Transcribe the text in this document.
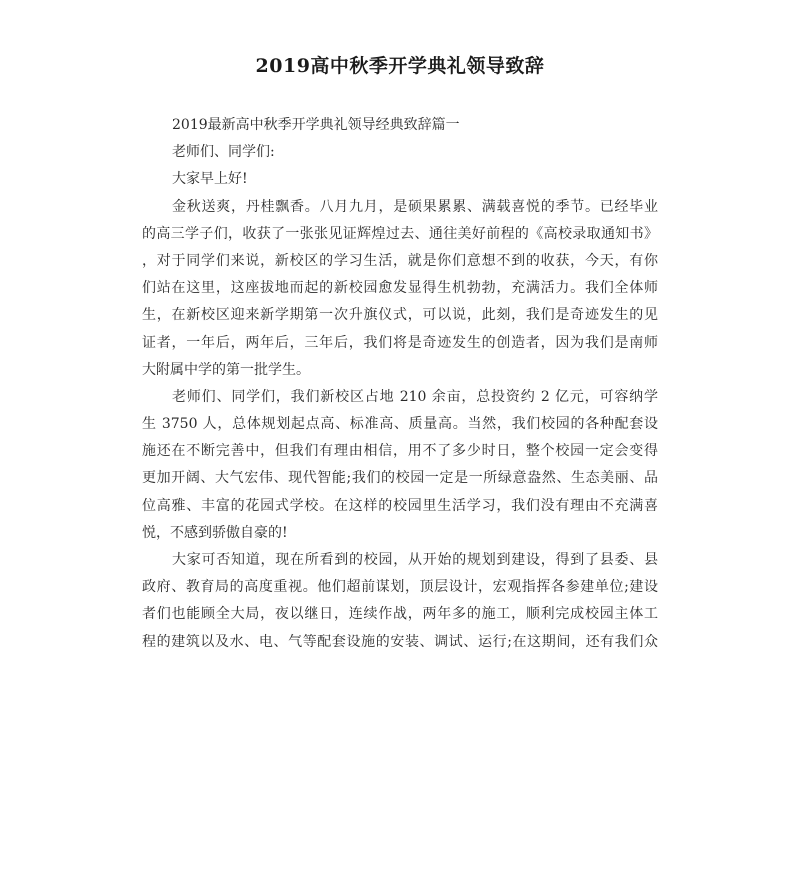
2019高中秋季开学典礼领导致辞
2019最新高中秋季开学典礼领导经典致辞篇一
老师们、同学们:
大家早上好!
金秋送爽，丹桂飘香。八月九月，是硕果累累、满载喜悦的季节。已经毕业
的高三学子们，收获了一张张见证辉煌过去、通往美好前程的《高校录取通知书》
，对于同学们来说，新校区的学习生活，就是你们意想不到的收获，今天，有你
们站在这里，这座拔地而起的新校园愈发显得生机勃勃，充满活力。我们全体师
生，在新校区迎来新学期第一次升旗仪式，可以说，此刻，我们是奇迹发生的见
证者，一年后，两年后，三年后，我们将是奇迹发生的创造者，因为我们是南师
大附属中学的第一批学生。
老师们、同学们，我们新校区占地 210 余亩，总投资约 2 亿元，可容纳学
生 3750 人，总体规划起点高、标准高、质量高。当然，我们校园的各种配套设
施还在不断完善中，但我们有理由相信，用不了多少时日，整个校园一定会变得
更加开阔、大气宏伟、现代智能;我们的校园一定是一所绿意盎然、生态美丽、品
位高雅、丰富的花园式学校。在这样的校园里生活学习，我们没有理由不充满喜
悦，不感到骄傲自豪的!
大家可否知道，现在所看到的校园，从开始的规划到建设，得到了县委、县
政府、教育局的高度重视。他们超前谋划，顶层设计，宏观指挥各参建单位;建设
者们也能顾全大局，夜以继日，连续作战，两年多的施工，顺利完成校园主体工
程的建筑以及水、电、气等配套设施的安装、调试、运行;在这期间，还有我们众
